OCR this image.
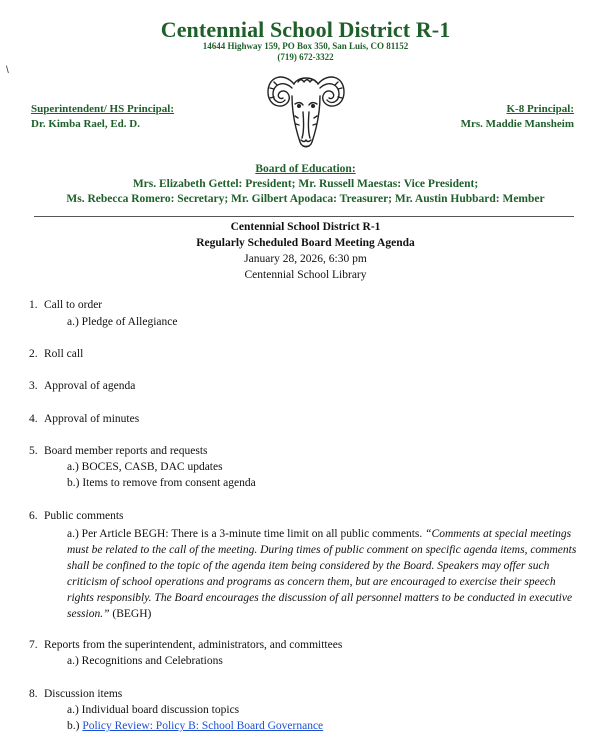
Centennial School District R-1
14644 Highway 159, PO Box 350, San Luis, CO 81152
(719) 672-3322
\
Superintendent/ HS Principal:
Dr. Kimba Rael, Ed. D.
K-8 Principal:
Mrs. Maddie Mansheim
Board of Education:
Mrs. Elizabeth Gettel: President; Mr. Russell Maestas: Vice President;
Ms. Rebecca Romero: Secretary; Mr. Gilbert Apodaca: Treasurer; Mr. Austin Hubbard: Member
Centennial School District R-1
Regularly Scheduled Board Meeting Agenda
January 28, 2026, 6:30 pm
Centennial School Library
1. Call to order
a.) Pledge of Allegiance
2. Roll call
3. Approval of agenda
4. Approval of minutes
5. Board member reports and requests
a.) BOCES, CASB, DAC updates
b.) Items to remove from consent agenda
6. Public comments
a.) Per Article BEGH: There is a 3-minute time limit on all public comments. “Comments at special meetings must be related to the call of the meeting. During times of public comment on specific agenda items, comments shall be confined to the topic of the agenda item being considered by the Board. Speakers may offer such criticism of school operations and programs as concern them, but are encouraged to exercise their speech rights responsibly. The Board encourages the discussion of all personnel matters to be conducted in executive session.” (BEGH)
7. Reports from the superintendent, administrators, and committees
a.) Recognitions and Celebrations
8. Discussion items
a.) Individual board discussion topics
b.) Policy Review: Policy B: School Board Governance
